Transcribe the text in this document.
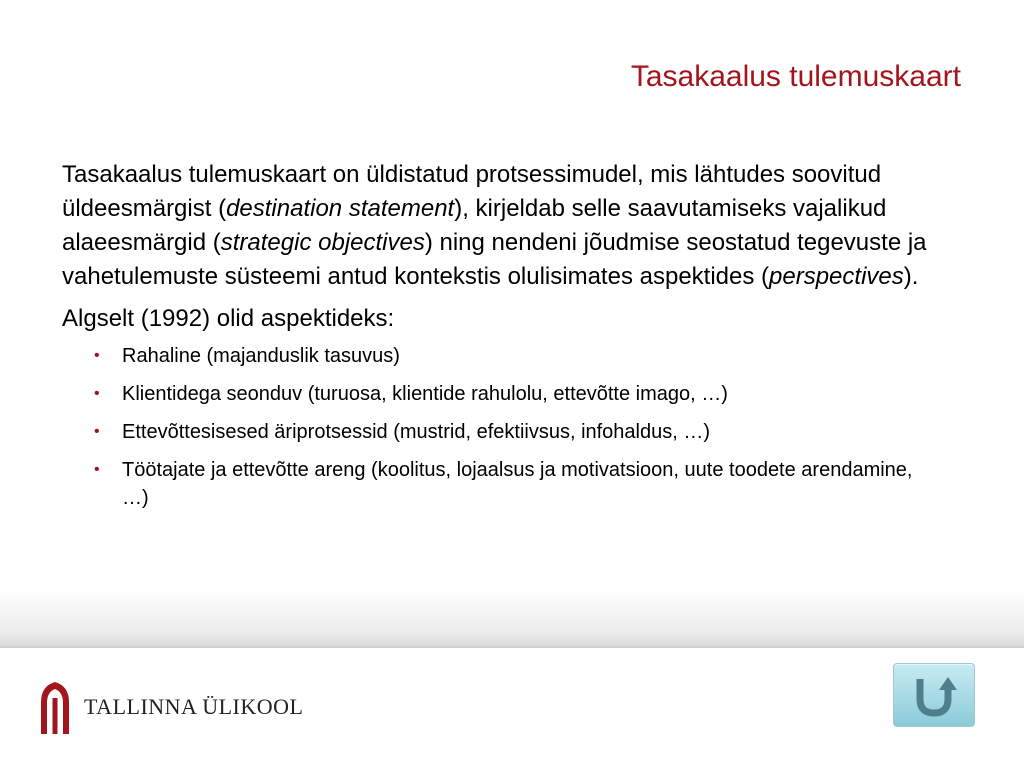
Tasakaalus tulemuskaart

Tasakaalus tulemuskaart on üldistatud protsessimudel, mis lähtudes soovitud üldeesmärgist (destination statement), kirjeldab selle saavutamiseks vajalikud alaeesmärgid (strategic objectives) ning nendeni jõudmise seostatud tegevuste ja vahetulemuste süsteemi antud kontekstis olulisimates aspektides (perspectives).

Algselt (1992) olid aspektideks:

• Rahaline (majanduslik tasuvus)
• Klientidega seonduv (turuosa, klientide rahulolu, ettevõtte imago, …)
• Ettevõttesisesed äriprotsessid (mustrid, efektiivsus, infohaldus, …)
• Töötajate ja ettevõtte areng (koolitus, lojaalsus ja motivatsioon, uute toodete arendamine, …)
TALLINNA ÜLIKOOL
